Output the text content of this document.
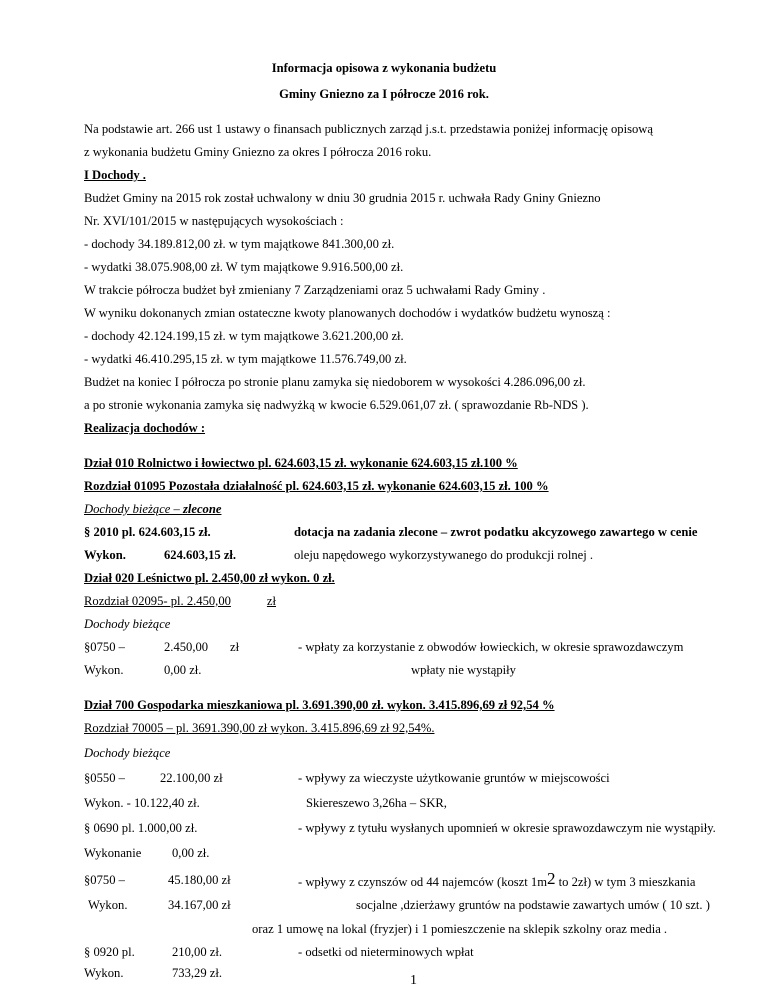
Informacja opisowa z wykonania budżetu
Gminy Gniezno za I półrocze 2016 rok.
Na podstawie art. 266 ust 1 ustawy o finansach publicznych zarząd j.s.t. przedstawia poniżej informację opisową
z wykonania budżetu Gminy Gniezno za okres I półrocza 2016 roku.
I Dochody .
Budżet Gminy na 2015 rok został uchwalony w dniu 30 grudnia 2015 r. uchwała Rady Gniny Gniezno
Nr. XVI/101/2015 w następujących wysokościach :
- dochody 34.189.812,00 zł. w tym majątkowe 841.300,00 zł.
- wydatki 38.075.908,00 zł. W tym majątkowe 9.916.500,00 zł.
W trakcie półrocza budżet był zmieniany 7 Zarządzeniami oraz 5 uchwałami Rady Gminy .
W wyniku dokonanych zmian ostateczne kwoty planowanych dochodów i wydatków budżetu wynoszą :
- dochody 42.124.199,15 zł. w tym majątkowe 3.621.200,00 zł.
- wydatki 46.410.295,15 zł. w tym majątkowe 11.576.749,00 zł.
Budżet na koniec I półrocza po stronie planu zamyka się niedoborem w wysokości 4.286.096,00 zł.
a po stronie wykonania zamyka się nadwyżką w kwocie 6.529.061,07 zł. ( sprawozdanie Rb-NDS ).
Realizacja dochodów :
Dział 010 Rolnictwo i łowiectwo pl. 624.603,15 zł. wykonanie 624.603,15 zł.100 %
Rozdział 01095 Pozostała działalność pl. 624.603,15 zł. wykonanie 624.603,15 zł. 100 %
Dochody bieżące – zlecone
§ 2010 pl. 624.603,15 zł.	dotacja na zadania zlecone – zwrot podatku akcyzowego zawartego w cenie
Wykon.	624.603,15 zł.	oleju napędowego wykorzystywanego do produkcji rolnej .
Dział 020 Leśnictwo pl. 2.450,00 zł wykon. 0 zł.
Rozdział 02095- pl. 2.450,00	zł
Dochody bieżące
§0750 –	2.450,00 zł	- wpłaty za korzystanie z obwodów łowieckich, w okresie sprawozdawczym
Wykon.	0,00 zł.	wpłaty nie wystąpiły
Dział 700 Gospodarka mieszkaniowa pl. 3.691.390,00 zł. wykon. 3.415.896,69 zł 92,54 %
Rozdział 70005 – pl. 3691.390,00 zł wykon. 3.415.896,69 zł 92,54%.
Dochody bieżące
§0550 –	22.100,00 zł	- wpływy za wieczyste użytkowanie gruntów w miejscowości
Wykon. - 10.122,40 zł.	Skiereszewo 3,26ha – SKR,
§ 0690 pl. 1.000,00 zł.	- wpływy z tytułu wysłanych upomnień w okresie sprawozdawczym nie wystąpiły.
Wykonanie 0,00 zł.
§0750 –	45.180,00 zł	- wpływy z czynszów od 44 najemców (koszt 1m2 to 2zł) w tym 3 mieszkania
Wykon.	34.167,00 zł	socjalne ,dzierżawy gruntów na podstawie zawartych umów ( 10 szt. )
oraz 1 umowę na lokal (fryzjer) i 1 pomieszczenie na sklepik szkolny oraz media .
§ 0920 pl.	210,00 zł.	- odsetki od nieterminowych wpłat
Wykon.	733,29 zł.	1
